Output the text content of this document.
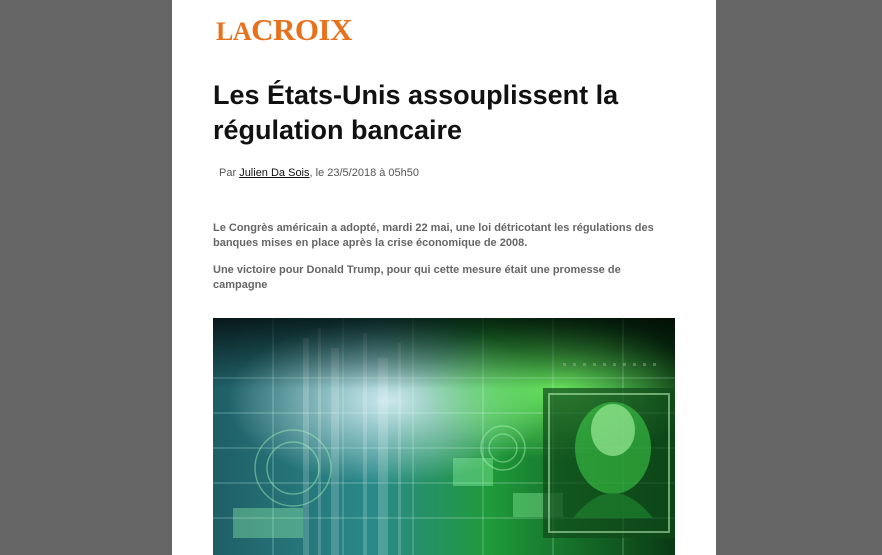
LA CROIX
Les États-Unis assouplissent la régulation bancaire
Par Julien Da Sois, le 23/5/2018 à 05h50

Le Congrès américain a adopté, mardi 22 mai, une loi détricotant les régulations des banques mises en place après la crise économique de 2008.

Une victoire pour Donald Trump, pour qui cette mesure était une promesse de campagne
